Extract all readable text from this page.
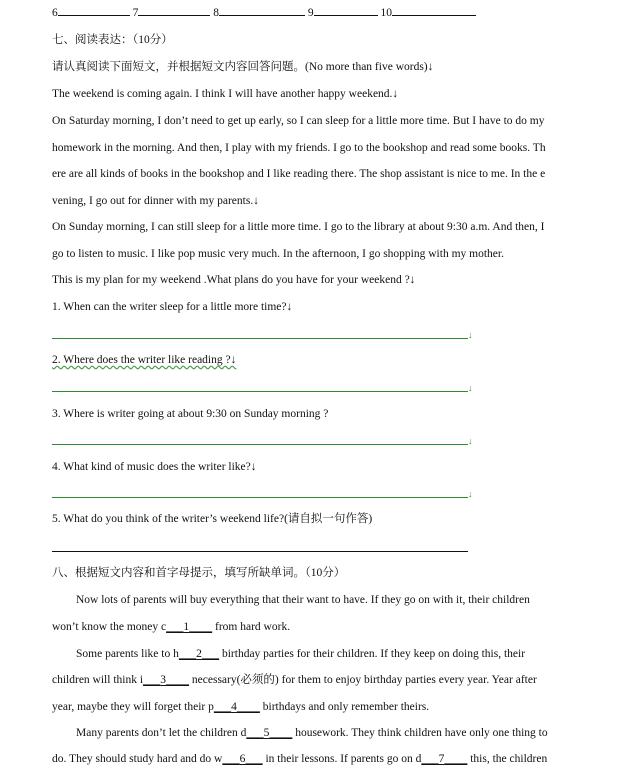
6	7	8	9	10
七、阅读表达：（10分）
请认真阅读下面短文，并根据短文内容回答问题。(No more than five words)↓
The weekend is coming again. I think I will have another happy weekend.↓
On Saturday morning, I don’t need to get up early, so I can sleep for a little more time. But I have to do my
homework in the morning. And then, I play with my friends. I go to the bookshop and read some books. Th
ere are all kinds of books in the bookshop and I like reading there. The shop assistant is nice to me. In the e
vening, I go out for dinner with my parents.↓
On Sunday morning, I can still sleep for a little more time. I go to the library at about 9:30 a.m. And then, I
go to listen to music. I like pop music very much. In the afternoon, I go shopping with my mother.
This is my plan for my weekend .What plans do you have for your weekend ?↓
1. When can the writer sleep for a little more time?↓
↓
2. Where does the writer like reading ?↓
↓
3. Where is writer going at about 9:30 on Sunday morning ?
↓
4. What kind of music does the writer like?↓
↓
5. What do you think of the writer’s weekend life?(请自拟一句作答)
八、根据短文内容和首字母提示，填写所缺单词。（10分）
Now lots of parents will buy everything that their want to have. If they go on with it, their children
won’t know the money c___1____ from hard work.
Some parents like to h___2___ birthday parties for their children. If they keep on doing this, their
children will think i___3____ necessary(必须的) for them to enjoy birthday parties every year. Year after
year, maybe they will forget their p___4____ birthdays and only remember theirs.
Many parents don’t let the children d___5____ housework. They think children have only one thing to
do. They should study hard and do w___6___ in their lessons. If parents go on d___7____ this, the children
